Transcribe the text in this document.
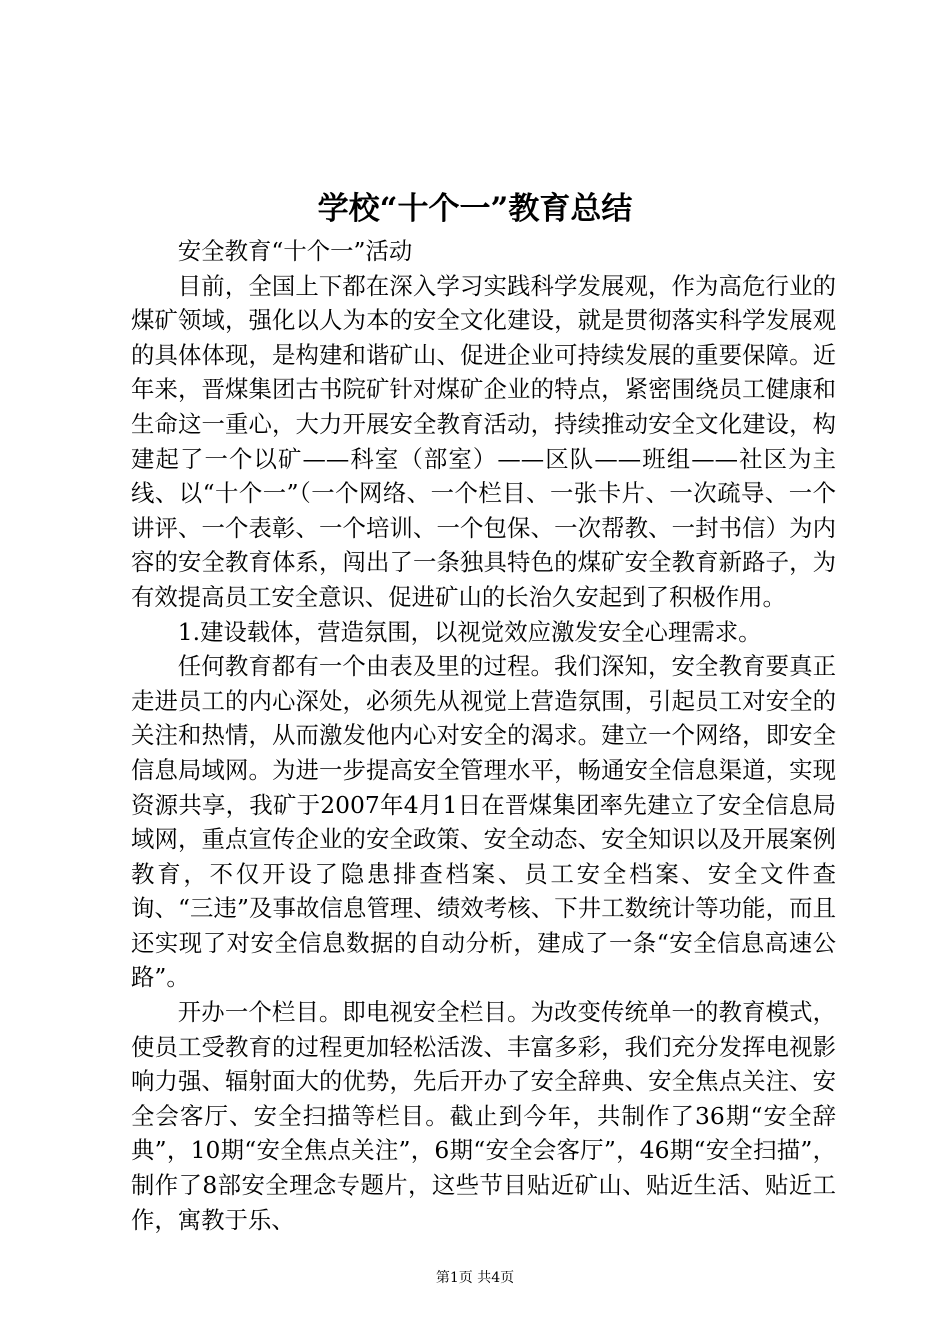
学校“十个一”教育总结

安全教育“十个一”活动

目前，全国上下都在深入学习实践科学发展观，作为高危行业的煤矿领域，强化以人为本的安全文化建设，就是贯彻落实科学发展观的具体体现，是构建和谐矿山、促进企业可持续发展的重要保障。近年来，晋煤集团古书院矿针对煤矿企业的特点，紧密围绕员工健康和生命这一重心，大力开展安全教育活动，持续推动安全文化建设，构建起了一个以矿——科室（部室）——区队——班组——社区为主线、以“十个一”（一个网络、一个栏目、一张卡片、一次疏导、一个讲评、一个表彰、一个培训、一个包保、一次帮教、一封书信）为内容的安全教育体系，闯出了一条独具特色的煤矿安全教育新路子，为有效提高员工安全意识、促进矿山的长治久安起到了积极作用。

1.建设载体，营造氛围，以视觉效应激发安全心理需求。

任何教育都有一个由表及里的过程。我们深知，安全教育要真正走进员工的内心深处，必须先从视觉上营造氛围，引起员工对安全的关注和热情，从而激发他内心对安全的渴求。建立一个网络，即安全信息局域网。为进一步提高安全管理水平，畅通安全信息渠道，实现资源共享，我矿于2007年4月1日在晋煤集团率先建立了安全信息局域网，重点宣传企业的安全政策、安全动态、安全知识以及开展案例教育，不仅开设了隐患排查档案、员工安全档案、安全文件查询、“三违”及事故信息管理、绩效考核、下井工数统计等功能，而且还实现了对安全信息数据的自动分析，建成了一条“安全信息高速公路”。

开办一个栏目。即电视安全栏目。为改变传统单一的教育模式，使员工受教育的过程更加轻松活泼、丰富多彩，我们充分发挥电视影响力强、辐射面大的优势，先后开办了安全辞典、安全焦点关注、安全会客厅、安全扫描等栏目。截止到今年，共制作了36期“安全辞典”，10期“安全焦点关注”，6期“安全会客厅”，46期“安全扫描”，制作了8部安全理念专题片，这些节目贴近矿山、贴近生活、贴近工作，寓教于乐、

第1页 共4页
